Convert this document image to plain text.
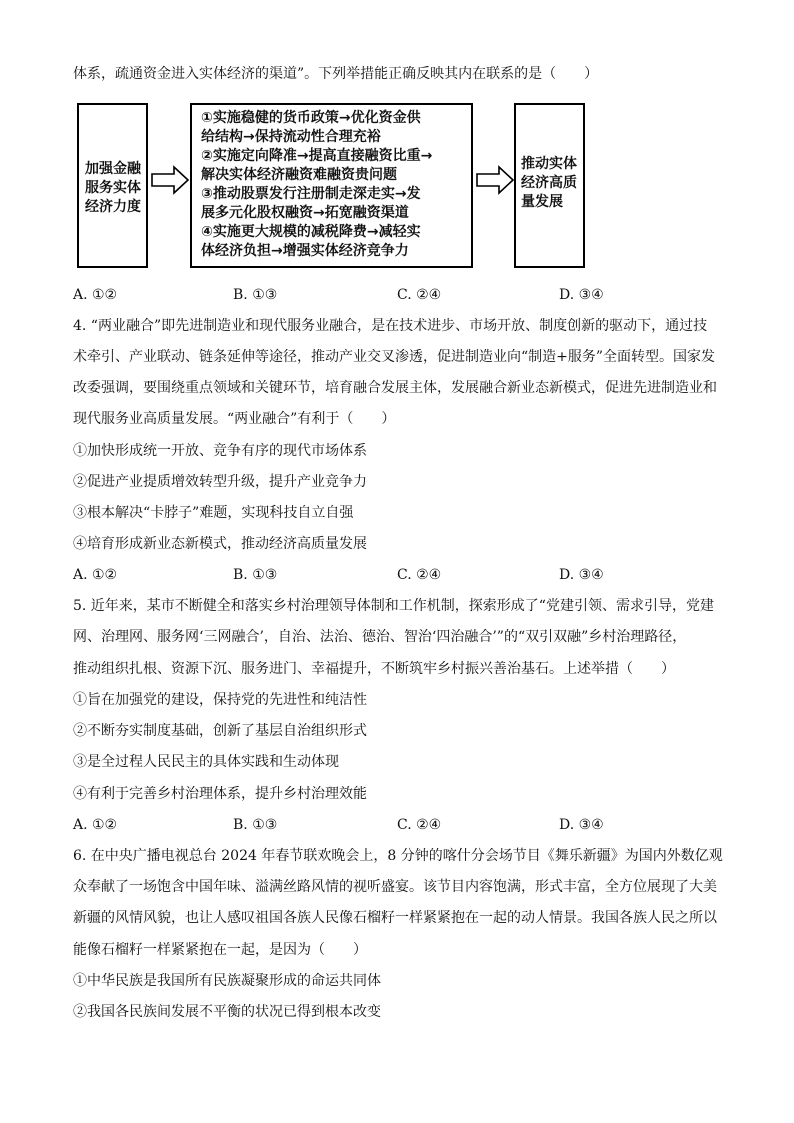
体系，疏通资金进入实体经济的渠道”。下列举措能正确反映其内在联系的是（　　）
加强金融
服务实体
经济力度
①实施稳健的货币政策→优化资金供
给结构→保持流动性合理充裕
②实施定向降准→提高直接融资比重→
解决实体经济融资难融资贵问题
③推动股票发行注册制走深走实→发
展多元化股权融资→拓宽融资渠道
④实施更大规模的减税降费→减轻实
体经济负担→增强实体经济竞争力
推动实体
经济高质
量发展
A. ①②	B. ①③	C. ②④	D. ③④
4. “两业融合”即先进制造业和现代服务业融合，是在技术进步、市场开放、制度创新的驱动下，通过技
术牵引、产业联动、链条延伸等途径，推动产业交叉渗透，促进制造业向“制造+服务”全面转型。国家发
改委强调，要围绕重点领域和关键环节，培育融合发展主体，发展融合新业态新模式，促进先进制造业和
现代服务业高质量发展。“两业融合”有利于（　　）
①加快形成统一开放、竞争有序的现代市场体系
②促进产业提质增效转型升级，提升产业竞争力
③根本解决“卡脖子”难题，实现科技自立自强
④培育形成新业态新模式，推动经济高质量发展
A. ①②	B. ①③	C. ②④	D. ③④
5. 近年来，某市不断健全和落实乡村治理领导体制和工作机制，探索形成了“党建引领、需求引导，党建
网、治理网、服务网‘三网融合’，自治、法治、德治、智治‘四治融合’”的“双引双融”乡村治理路径，
推动组织扎根、资源下沉、服务进门、幸福提升，不断筑牢乡村振兴善治基石。上述举措（　　）
①旨在加强党的建设，保持党的先进性和纯洁性
②不断夯实制度基础，创新了基层自治组织形式
③是全过程人民民主的具体实践和生动体现
④有利于完善乡村治理体系，提升乡村治理效能
A. ①②	B. ①③	C. ②④	D. ③④
6. 在中央广播电视总台 2024 年春节联欢晚会上，8 分钟的喀什分会场节目《舞乐新疆》为国内外数亿观
众奉献了一场饱含中国年味、溢满丝路风情的视听盛宴。该节目内容饱满，形式丰富，全方位展现了大美
新疆的风情风貌，也让人感叹祖国各族人民像石榴籽一样紧紧抱在一起的动人情景。我国各族人民之所以
能像石榴籽一样紧紧抱在一起，是因为（　　）
①中华民族是我国所有民族凝聚形成的命运共同体
②我国各民族间发展不平衡的状况已得到根本改变
